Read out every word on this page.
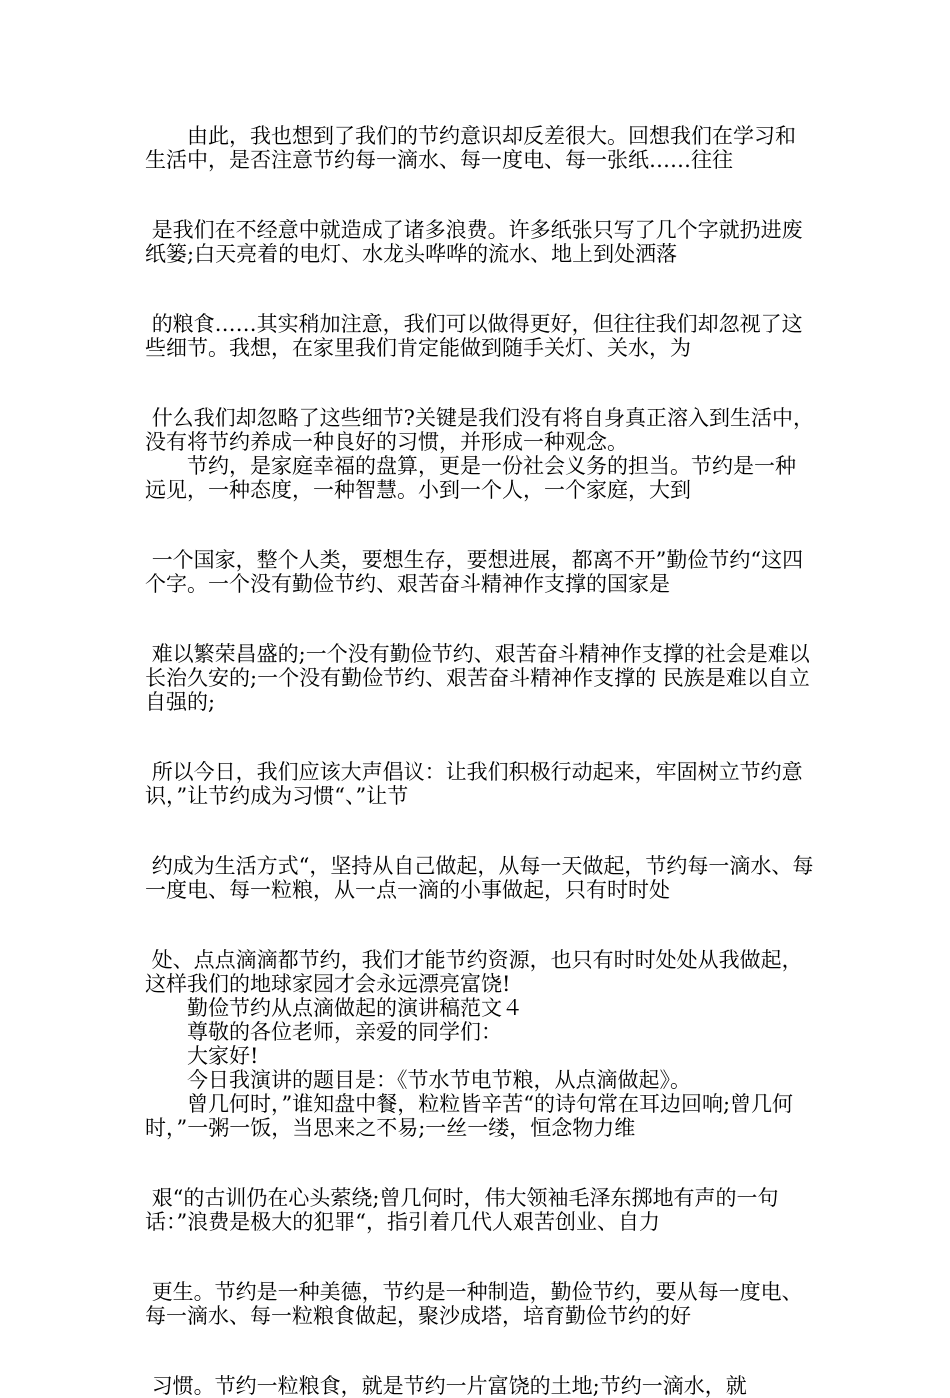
　　由此，我也想到了我们的节约意识却反差很大。回想我们在学习和生活中，是否注意节约每一滴水、每一度电、每一张纸……往往

是我们在不经意中就造成了诸多浪费。许多纸张只写了几个字就扔进废纸篓;白天亮着的电灯、水龙头哗哗的流水、地上到处洒落

的粮食……其实稍加注意，我们可以做得更好，但往往我们却忽视了这些细节。我想，在家里我们肯定能做到随手关灯、关水，为

什么我们却忽略了这些细节?关键是我们没有将自身真正溶入到生活中，没有将节约养成一种良好的习惯，并形成一种观念。

　　节约，是家庭幸福的盘算，更是一份社会义务的担当。节约是一种远见，一种态度，一种智慧。小到一个人，一个家庭，大到

一个国家，整个人类，要想生存，要想进展，都离不开”勤俭节约“这四个字。一个没有勤俭节约、艰苦奋斗精神作支撑的国家是

难以繁荣昌盛的;一个没有勤俭节约、艰苦奋斗精神作支撑的社会是难以长治久安的;一个没有勤俭节约、艰苦奋斗精神作支撑的 民族是难以自立自强的;

所以今日，我们应该大声倡议：让我们积极行动起来，牢固树立节约意识，”让节约成为习惯“、”让节

约成为生活方式“，坚持从自己做起，从每一天做起，节约每一滴水、每一度电、每一粒粮，从一点一滴的小事做起，只有时时处

处、点点滴滴都节约，我们才能节约资源，也只有时时处处从我做起，这样我们的地球家园才会永远漂亮富饶!

　　勤俭节约从点滴做起的演讲稿范文４

　　尊敬的各位老师，亲爱的同学们：

　　大家好!

　　今日我演讲的题目是：《节水节电节粮，从点滴做起》。

　　曾几何时，”谁知盘中餐，粒粒皆辛苦“的诗句常在耳边回响;曾几何时，”一粥一饭，当思来之不易;一丝一缕，恒念物力维

艰“的古训仍在心头萦绕;曾几何时，伟大领袖毛泽东掷地有声的一句话：”浪费是极大的犯罪“，指引着几代人艰苦创业、自力

更生。节约是一种美德，节约是一种制造，勤俭节约，要从每一度电、每一滴水、每一粒粮食做起，聚沙成塔，培育勤俭节约的好

习惯。节约一粒粮食，就是节约一片富饶的土地;节约一滴水，就
